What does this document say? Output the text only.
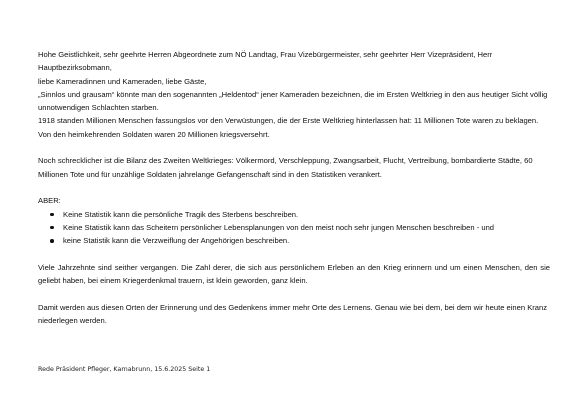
Hohe Geistlichkeit, sehr geehrte Herren Abgeordnete zum NÖ Landtag, Frau Vizebürgermeister, sehr geehrter Herr Vizepräsident, Herr Hauptbezirksobmann,

liebe Kameradinnen und Kameraden, liebe Gäste,

„Sinnlos und grausam“ könnte man den sogenannten „Heldentod“ jener Kameraden bezeichnen, die im Ersten Weltkrieg in den aus heutiger Sicht völlig unnotwendigen Schlachten starben.

1918 standen Millionen Menschen fassungslos vor den Verwüstungen, die der Erste Weltkrieg hinterlassen hat: 11 Millionen Tote waren zu beklagen. Von den heimkehrenden Soldaten waren 20 Millionen kriegsversehrt.

Noch schrecklicher ist die Bilanz des Zweiten Weltkrieges: Völkermord, Verschleppung, Zwangsarbeit, Flucht, Vertreibung, bombardierte Städte, 60 Millionen Tote und für unzählige Soldaten jahrelange Gefangenschaft sind in den Statistiken verankert.

ABER:

Keine Statistik kann die persönliche Tragik des Sterbens beschreiben.
Keine Statistik kann das Scheitern persönlicher Lebensplanungen von den meist noch sehr jungen Menschen beschreiben - und
keine Statistik kann die Verzweiflung der Angehörigen beschreiben.

Viele Jahrzehnte sind seither vergangen. Die Zahl derer, die sich aus persönlichem Erleben an den Krieg erinnern und um einen Menschen, den sie geliebt haben, bei einem Kriegerdenkmal trauern, ist klein geworden, ganz klein.

Damit werden aus diesen Orten der Erinnerung und des Gedenkens immer mehr Orte des Lernens. Genau wie bei dem, bei dem wir heute einen Kranz niederlegen werden.

Rede Präsident Pfleger, Karnabrunn, 15.6.2025 Seite 1
